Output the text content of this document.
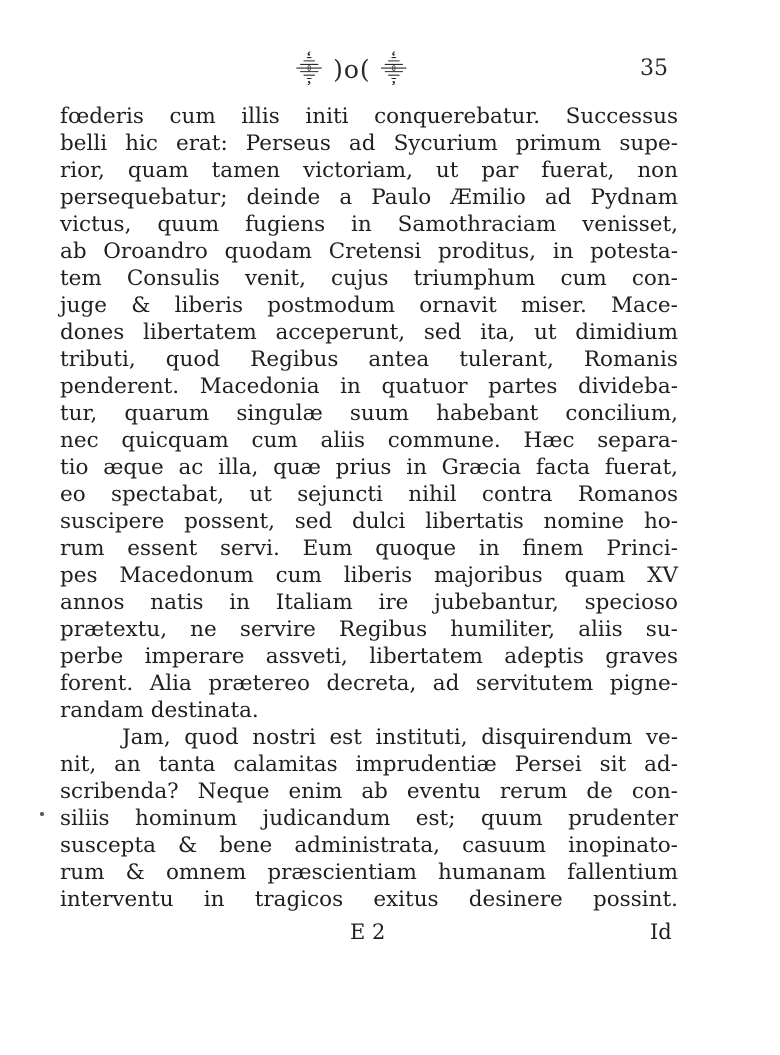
⸎ )o( ⸎	35
fœderis cum illis initi conquerebatur. Successus
belli hic erat: Perseus ad Sycurium primum supe-
rior, quam tamen victoriam, ut par fuerat, non
persequebatur; deinde a Paulo Æmilio ad Pydnam
victus, quum fugiens in Samothraciam venisset,
ab Oroandro quodam Cretensi proditus, in potesta-
tem Consulis venit, cujus triumphum cum con-
juge & liberis postmodum ornavit miser. Mace-
dones libertatem acceperunt, sed ita, ut dimidium
tributi, quod Regibus antea tulerant, Romanis
penderent. Macedonia in quatuor partes divideba-
tur, quarum singulæ suum habebant concilium,
nec quicquam cum aliis commune. Hæc separa-
tio æque ac illa, quæ prius in Græcia facta fuerat,
eo spectabat, ut sejuncti nihil contra Romanos
suscipere possent, sed dulci libertatis nomine ho-
rum essent servi. Eum quoque in finem Princi-
pes Macedonum cum liberis majoribus quam XV
annos natis in Italiam ire jubebantur, specioso
prætextu, ne servire Regibus humiliter, aliis su-
perbe imperare assveti, libertatem adeptis graves
forent. Alia prætereo decreta, ad servitutem pigne-
randam destinata.
Jam, quod nostri est instituti, disquirendum ve-
nit, an tanta calamitas imprudentiæ Persei sit ad-
scribenda? Neque enim ab eventu rerum de con-
siliis hominum judicandum est; quum prudenter
suscepta & bene administrata, casuum inopinato-
rum & omnem præscientiam humanam fallentium
interventu in tragicos exitus desinere possint.
E 2	Id
